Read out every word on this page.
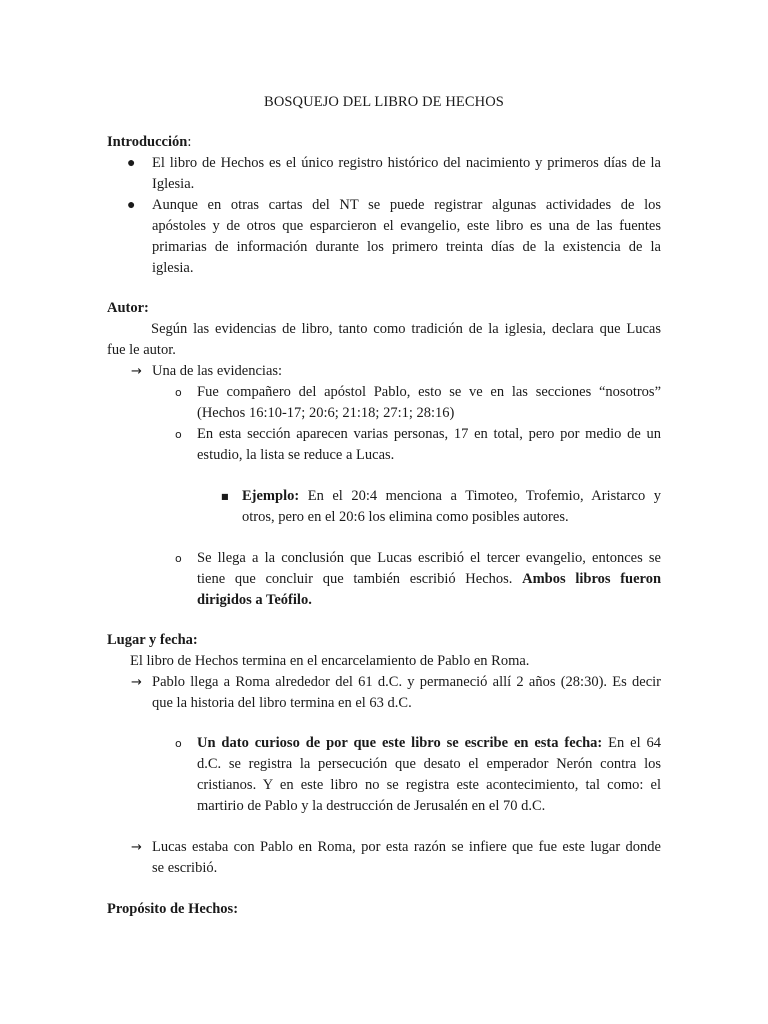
BOSQUEJO DEL LIBRO DE HECHOS
Introducción:
● El libro de Hechos es el único registro histórico del nacimiento y primeros días de la
Iglesia.
● Aunque en otras cartas del NT se puede registrar algunas actividades de los
apóstoles y de otros que esparcieron el evangelio, este libro es una de las fuentes
primarias de información durante los primero treinta días de la existencia de la
iglesia.
Autor:
Según las evidencias de libro, tanto como tradición de la iglesia, declara que Lucas
fue le autor.
→ Una de las evidencias:
o Fue compañero del apóstol Pablo, esto se ve en las secciones “nosotros”
(Hechos 16:10-17; 20:6; 21:18; 27:1; 28:16)
o En esta sección aparecen varias personas, 17 en total, pero por medio de un
estudio, la lista se reduce a Lucas.
■ Ejemplo: En el 20:4 menciona a Timoteo, Trofemio, Aristarco y
otros, pero en el 20:6 los elimina como posibles autores.
o Se llega a la conclusión que Lucas escribió el tercer evangelio, entonces se
tiene que concluir que también escribió Hechos. Ambos libros fueron
dirigidos a Teófilo.
Lugar y fecha:
El libro de Hechos termina en el encarcelamiento de Pablo en Roma.
→ Pablo llega a Roma alrededor del 61 d.C. y permaneció allí 2 años (28:30). Es decir
que la historia del libro termina en el 63 d.C.
o Un dato curioso de por que este libro se escribe en esta fecha: En el 64
d.C. se registra la persecución que desato el emperador Nerón contra los
cristianos. Y en este libro no se registra este acontecimiento, tal como: el
martirio de Pablo y la destrucción de Jerusalén en el 70 d.C.
→ Lucas estaba con Pablo en Roma, por esta razón se infiere que fue este lugar donde
se escribió.
Propósito de Hechos:
